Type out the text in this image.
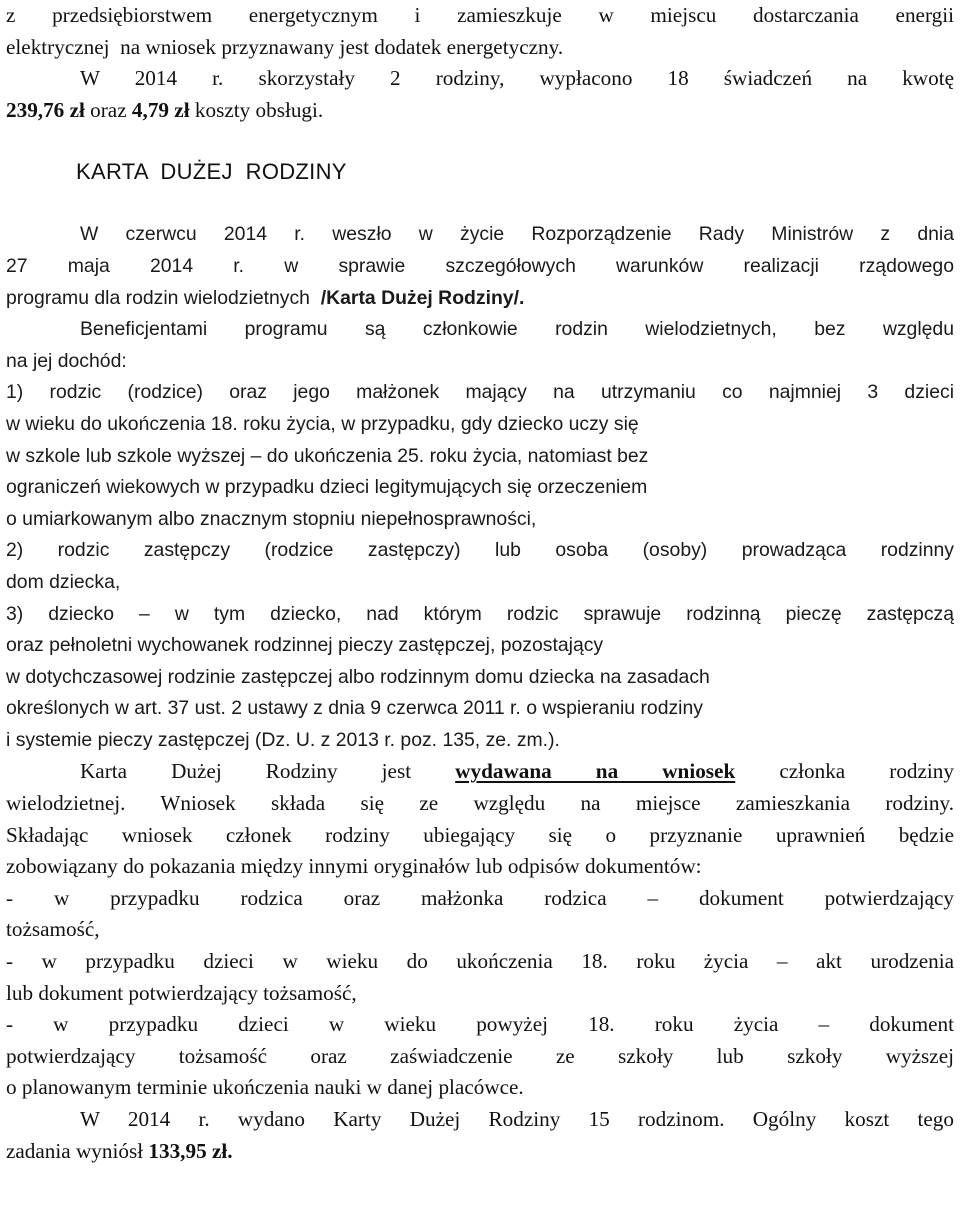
z przedsiębiorstwem energetycznym i zamieszkuje w miejscu dostarczania energii
elektrycznej  na wniosek przyznawany jest dodatek energetyczny.
W 2014 r. skorzystały 2 rodziny, wypłacono 18 świadczeń na kwotę
239,76 zł oraz 4,79 zł koszty obsługi.
KARTA  DUŻEJ  RODZINY
W czerwcu 2014 r. weszło w życie Rozporządzenie Rady Ministrów z dnia
27 maja 2014 r. w sprawie szczegółowych warunków realizacji rządowego
programu dla rodzin wielodzietnych  /Karta Dużej Rodziny/.
Beneficjentami programu są członkowie rodzin wielodzietnych, bez względu
na jej dochód:
1) rodzic (rodzice) oraz jego małżonek mający na utrzymaniu co najmniej 3 dzieci
w wieku do ukończenia 18. roku życia, w przypadku, gdy dziecko uczy się
w szkole lub szkole wyższej – do ukończenia 25. roku życia, natomiast bez
ograniczeń wiekowych w przypadku dzieci legitymujących się orzeczeniem
o umiarkowanym albo znacznym stopniu niepełnosprawności,
2) rodzic zastępczy (rodzice zastępczy) lub osoba (osoby) prowadząca rodzinny
dom dziecka,
3) dziecko – w tym dziecko, nad którym rodzic sprawuje rodzinną pieczę zastępczą
oraz pełnoletni wychowanek rodzinnej pieczy zastępczej, pozostający
w dotychczasowej rodzinie zastępczej albo rodzinnym domu dziecka na zasadach
określonych w art. 37 ust. 2 ustawy z dnia 9 czerwca 2011 r. o wspieraniu rodziny
i systemie pieczy zastępczej (Dz. U. z 2013 r. poz. 135, ze. zm.).
Karta Dużej Rodziny jest wydawana na wniosek członka rodziny
wielodzietnej. Wniosek składa się ze względu na miejsce zamieszkania rodziny.
Składając wniosek członek rodziny ubiegający się o przyznanie uprawnień będzie
zobowiązany do pokazania między innymi oryginałów lub odpisów dokumentów:
- w przypadku rodzica oraz małżonka rodzica – dokument potwierdzający
tożsamość,
- w przypadku dzieci w wieku do ukończenia 18. roku życia – akt urodzenia
lub dokument potwierdzający tożsamość,
- w przypadku dzieci w wieku powyżej 18. roku życia – dokument
potwierdzający tożsamość oraz zaświadczenie ze szkoły lub szkoły wyższej
o planowanym terminie ukończenia nauki w danej placówce.
W 2014 r. wydano Karty Dużej Rodziny 15 rodzinom. Ogólny koszt tego
zadania wyniósł 133,95 zł.
